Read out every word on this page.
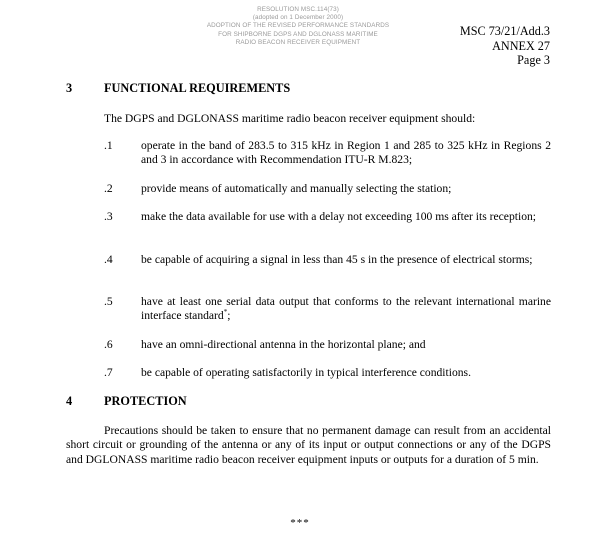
RESOLUTION MSC.114(73)
(adopted on 1 December 2000)
ADOPTION OF THE REVISED PERFORMANCE STANDARDS
FOR SHIPBORNE DGPS AND DGLONASS MARITIME
RADIO BEACON RECEIVER EQUIPMENT
MSC 73/21/Add.3
ANNEX 27
Page 3
3	FUNCTIONAL REQUIREMENTS
The DGPS and DGLONASS maritime radio beacon receiver equipment should:
.1	operate in the band of 283.5 to 315 kHz in Region 1 and 285 to 325 kHz in Regions 2 and 3 in accordance with Recommendation ITU-R M.823;
.2	provide means of automatically and manually selecting the station;
.3	make the data available for use with a delay not exceeding 100 ms after its reception;
.4	be capable of acquiring a signal in less than 45 s in the presence of electrical storms;
.5	have at least one serial data output that conforms to the relevant international marine interface standard*;
.6	have an omni-directional antenna in the horizontal plane; and
.7	be capable of operating satisfactorily in typical interference conditions.
4	PROTECTION
Precautions should be taken to ensure that no permanent damage can result from an accidental short circuit or grounding of the antenna or any of its input or output connections or any of the DGPS and DGLONASS maritime radio beacon receiver equipment inputs or outputs for a duration of 5 min.
***
